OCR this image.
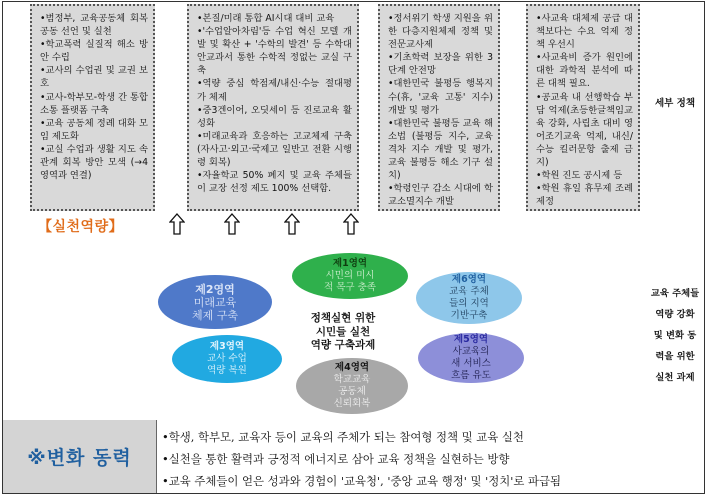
•범정부, 교육공동체 회복 공동 선언 및 실천

•학교폭력 실질적 해소 방안 수립

•교사의 수업권 및 교권 보호

•교사-학부모-학생 간 통합 소통 플랫폼 구축

•교육 공동체 정례 대화 모임 제도화

•교실 수업과 생활 지도 속 관계 회복 방안 모색 (→4영역과 연결)

•본질/미래 통합 AI시대 대비 교육

•'수업알아차림'등 수업 혁신 모델 개발 및 확산 + '수학의 발견' 등 수학대안교과서 통한 수학적 정없는 교실 구축

•역량 중심 학점제/내신·수능 절대평가 체제

•중3겐이어, 오딧세이 등 진로교육 활성화

•미래교육과 호응하는 고교체제 구축(자사고·외고·국제고 일반고 전환 시행령 회복)

•자율학교 50% 폐지 및 교육 주체들이 교장 선정 제도 100% 선택함.

•정서위기 학생 지원을 위한 다층지원체제 정책 및 전문교사제

•기초학력 보장을 위한 3단계 안전망

•대한민국 불평등 행복지수(휴, '교육 고통' 지수) 개발 및 평가

•대한민국 불평등 교육 해소법 (불평등 지수, 교육격차 지수 개발 및 평가, 교육 불평등 해소 기구 설치)

•학령인구 감소 시대에 학교소멸지수 개발

•사교육 대체제 공급 대책보다는 수요 억제 정책 우선시

•사교육비 증가 원인에 대한 과학적 분석에 따른 대책 필요.

•공교육 내 선행학습 부담 억제(초등한글책임교육 강화, 사립초 대비 영어조기교육 억제, 내신/수능 킬러문항 출제 금지)

•학원 진도 공시제 등

•학원 휴일 휴무제 조례 제정

세부 정책
교육 주체들
역량 강화
및 변화 동
력을 위한
실천 과제
【실천역량】
제1영역
시민의 미시
적 목구 충족
제2영역
미래교육
체제 구축
제3영역
교사 수업
역량 복원	제4영역
학교교육
공동체
신뢰회복
제5영역
사교육의
새 서비스
흐름 유도
제6영역
교육 주체
들의 지역
기반구축
정책실현 위한
시민들 실천
역량 구축과제
※변화 동력
•학생, 학부모, 교육자 등이 교육의 주체가 되는 참여형 정책 및 교육 실천
•실천을 통한 활력과 긍정적 에너지로 삼아 교육 정책을 실현하는 방향
•교육 주체들이 얻은 성과와 경험이 '교육청', '중앙 교육 행정' 및 '정치'로 파급됨
